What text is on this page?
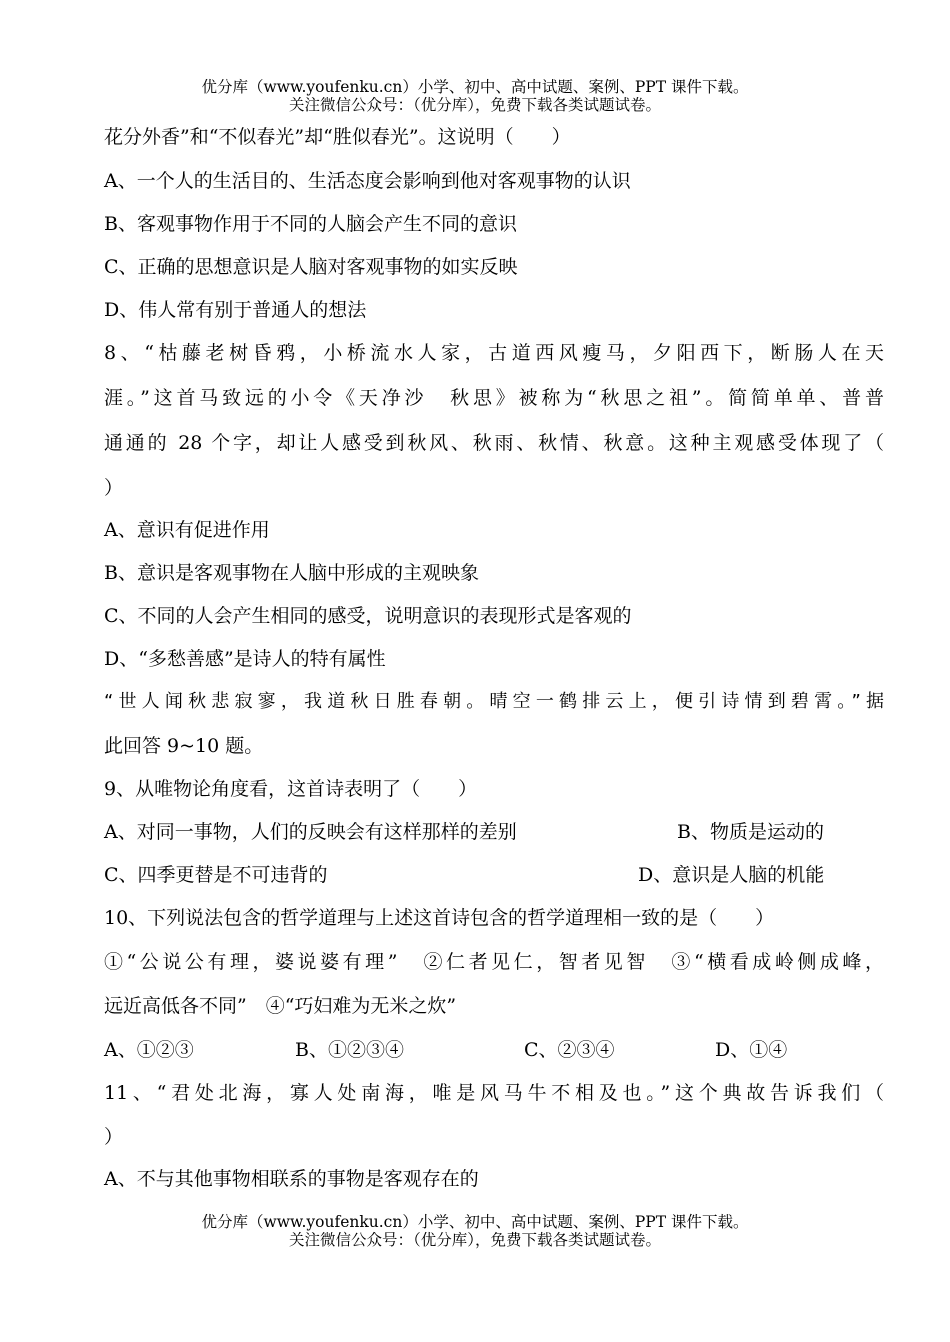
优分库（www.youfenku.cn）小学、初中、高中试题、案例、PPT 课件下载。
关注微信公众号：（优分库），免费下载各类试题试卷。
花分外香”和“不似春光”却“胜似春光”。这说明（　　）
A、一个人的生活目的、生活态度会影响到他对客观事物的认识
B、客观事物作用于不同的人脑会产生不同的意识
C、正确的思想意识是人脑对客观事物的如实反映
D、伟人常有别于普通人的想法
8、“枯藤老树昏鸦，小桥流水人家，古道西风瘦马，夕阳西下，断肠人在天
涯。”这首马致远的小令《天净沙　秋思》被称为“秋思之祖”。简简单单、普普
通通的 28 个字，却让人感受到秋风、秋雨、秋情、秋意。这种主观感受体现了（
）
A、意识有促进作用
B、意识是客观事物在人脑中形成的主观映象
C、不同的人会产生相同的感受，说明意识的表现形式是客观的
D、“多愁善感”是诗人的特有属性
“世人闻秋悲寂寥，我道秋日胜春朝。晴空一鹤排云上，便引诗情到碧霄。”据
此回答 9~10 题。
9、从唯物论角度看，这首诗表明了（　　）
A、对同一事物，人们的反映会有这样那样的差别	B、物质是运动的
C、四季更替是不可违背的	D、意识是人脑的机能
10、下列说法包含的哲学道理与上述这首诗包含的哲学道理相一致的是（　　）
①“公说公有理，婆说婆有理”　②仁者见仁，智者见智　③“横看成岭侧成峰，
远近高低各不同”　④“巧妇难为无米之炊”
A、①②③	B、①②③④	C、②③④	D、①④
11、“君处北海，寡人处南海，唯是风马牛不相及也。”这个典故告诉我们（
）
A、不与其他事物相联系的事物是客观存在的
优分库（www.youfenku.cn）小学、初中、高中试题、案例、PPT 课件下载。
关注微信公众号：（优分库），免费下载各类试题试卷。
